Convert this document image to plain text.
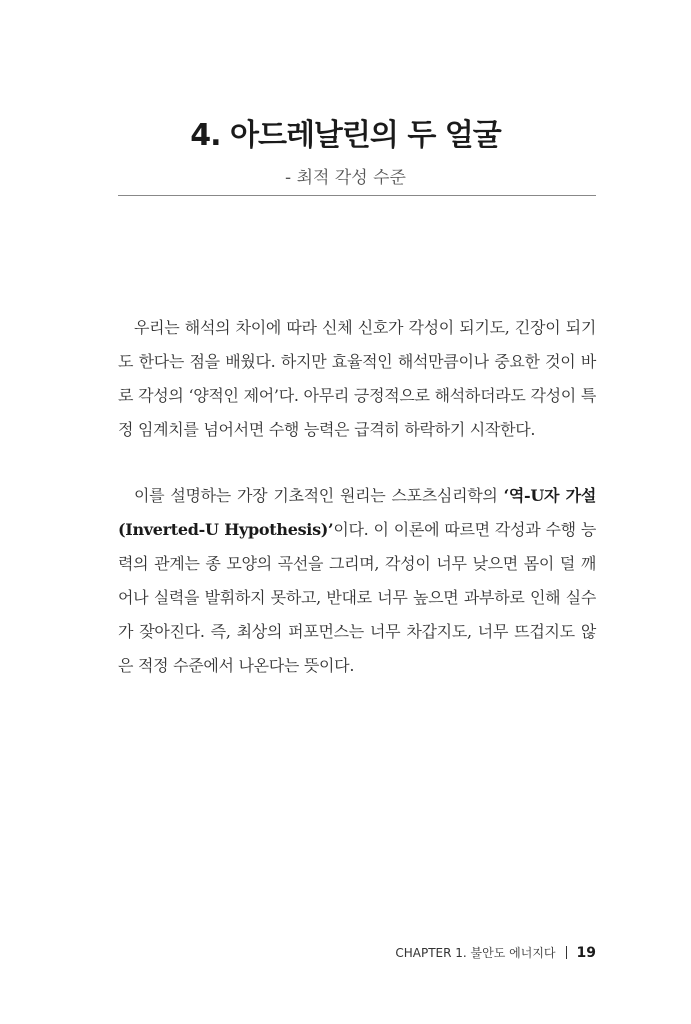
4. 아드레날린의 두 얼굴

- 최적 각성 수준

우리는 해석의 차이에 따라 신체 신호가 각성이 되기도, 긴장이 되기도 한다는 점을 배웠다. 하지만 효율적인 해석만큼이나 중요한 것이 바로 각성의 ‘양적인 제어’다. 아무리 긍정적으로 해석하더라도 각성이 특정 임계치를 넘어서면 수행 능력은 급격히 하락하기 시작한다.

이를 설명하는 가장 기초적인 원리는 스포츠심리학의 ‘역-U자 가설(Inverted-U Hypothesis)’이다. 이 이론에 따르면 각성과 수행 능력의 관계는 종 모양의 곡선을 그리며, 각성이 너무 낮으면 몸이 덜 깨어나 실력을 발휘하지 못하고, 반대로 너무 높으면 과부하로 인해 실수가 잦아진다. 즉, 최상의 퍼포먼스는 너무 차갑지도, 너무 뜨겁지도 않은 적정 수준에서 나온다는 뜻이다.

CHAPTER 1. 불안도 에너지다 19
